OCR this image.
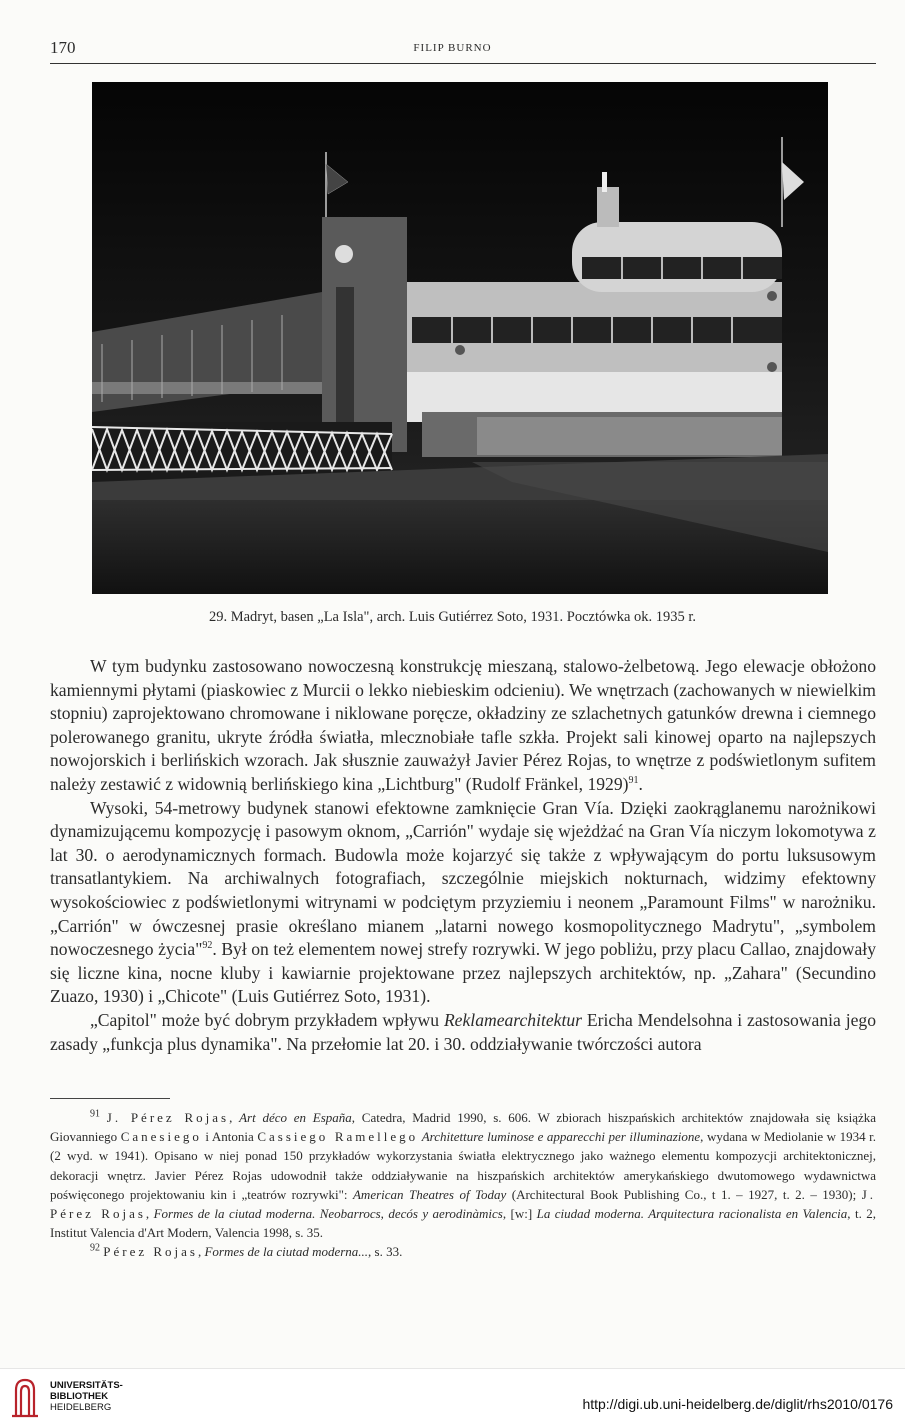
170	FILIP BURNO
29. Madryt, basen „La Isla", arch. Luis Gutiérrez Soto, 1931. Pocztówka ok. 1935 r.

W tym budynku zastosowano nowoczesną konstrukcję mieszaną, stalowo-żelbetową. Jego elewacje obłożono kamiennymi płytami (piaskowiec z Murcii o lekko niebieskim odcieniu). We wnętrzach (zachowanych w niewielkim stopniu) zaprojektowano chromowane i niklowane poręcze, okładziny ze szlachetnych gatunków drewna i ciemnego polerowanego granitu, ukryte źródła światła, mlecznobiałe tafle szkła. Projekt sali kinowej oparto na najlepszych nowojorskich i berlińskich wzorach. Jak słusznie zauważył Javier Pérez Rojas, to wnętrze z podświetlonym sufitem należy zestawić z widownią berlińskiego kina „Lichtburg" (Rudolf Fränkel, 1929)$^{91}$.

Wysoki, 54-metrowy budynek stanowi efektowne zamknięcie Gran Vía. Dzięki zaokrąglanemu narożnikowi dynamizującemu kompozycję i pasowym oknom, „Carrión" wydaje się wjeżdżać na Gran Vía niczym lokomotywa z lat 30. o aerodynamicznych formach. Budowla może kojarzyć się także z wpływającym do portu luksusowym transatlantykiem. Na archiwalnych fotografiach, szczególnie miejskich nokturnach, widzimy efektowny wysokościowiec z podświetlonymi witrynami w podciętym przyziemiu i neonem „Paramount Films" w narożniku. „Carrión" w ówczesnej prasie określano mianem „latarni nowego kosmopolitycznego Madrytu", „symbolem nowoczesnego życia"$^{92}$. Był on też elementem nowej strefy rozrywki. W jego pobliżu, przy placu Callao, znajdowały się liczne kina, nocne kluby i kawiarnie projektowane przez najlepszych architektów, np. „Zahara" (Secundino Zuazo, 1930) i „Chicote" (Luis Gutiérrez Soto, 1931).

„Capitol" może być dobrym przykładem wpływu Reklamearchitektur Ericha Mendelsohna i zastosowania jego zasady „funkcja plus dynamika". Na przełomie lat 20. i 30. oddziaływanie twórczości autora

$^{91}$ J. Pérez Rojas, Art déco en España, Catedra, Madrid 1990, s. 606. W zbiorach hiszpańskich architektów znajdowała się książka Giovanniego Canesiego i Antonia Cassiego Ramellego Architetture luminose e apparecchi per illuminazione, wydana w Mediolanie w 1934 r. (2 wyd. w 1941). Opisano w niej ponad 150 przykładów wykorzystania światła elektrycznego jako ważnego elementu kompozycji architektonicznej, dekoracji wnętrz. Javier Pérez Rojas udowodnił także oddziaływanie na hiszpańskich architektów amerykańskiego dwutomowego wydawnictwa poświęconego projektowaniu kin i „teatrów rozrywki": American Theatres of Today (Architectural Book Publishing Co., t 1. – 1927, t. 2. – 1930); J. Pérez Rojas, Formes de la ciutad moderna. Neobarrocs, decós y aerodinàmics, [w:] La ciudad moderna. Arquitectura racionalista en Valencia, t. 2, Institut Valencia d'Art Modern, Valencia 1998, s. 35.

$^{92}$ Pérez Rojas, Formes de la ciutad moderna..., s. 33.

UNIVERSITÄTS-
BIBLIOTHEK
HEIDELBERG	http://digi.ub.uni-heidelberg.de/diglit/rhs2010/0176
